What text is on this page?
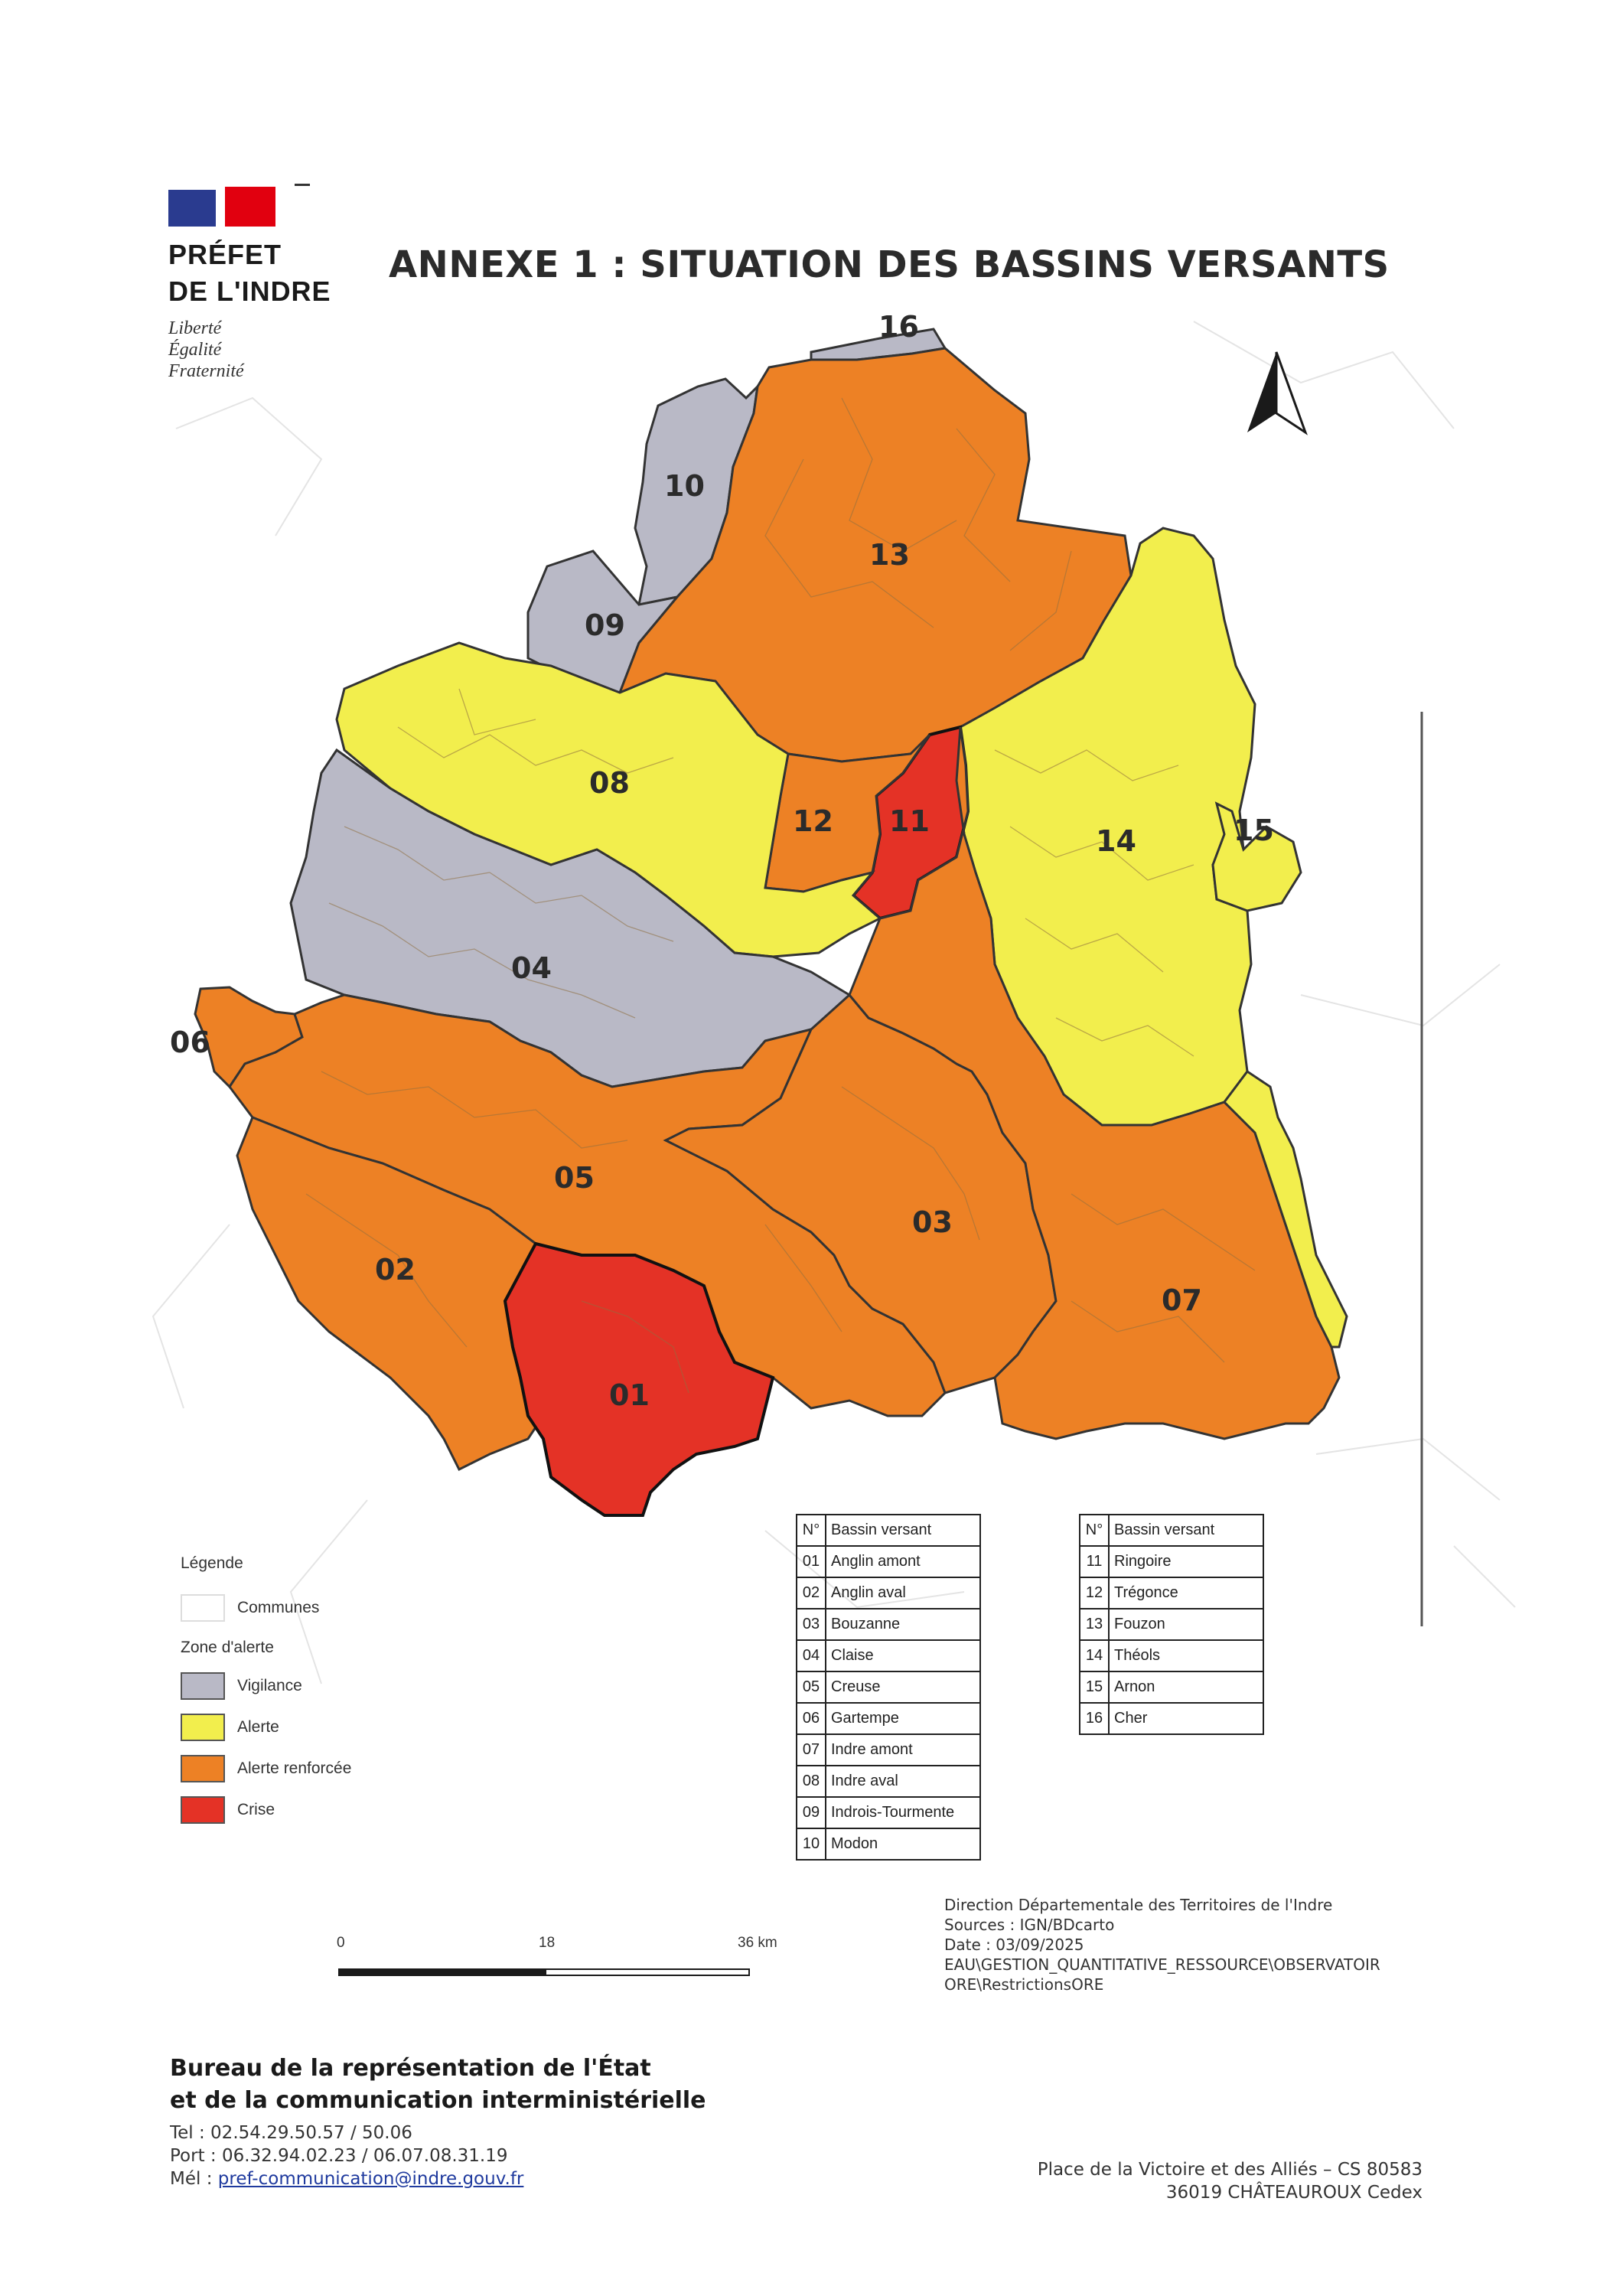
PRÉFET
DE L'INDRE
Liberté
Égalité
Fraternité
ANNEXE 1 : SITUATION DES BASSINS VERSANTS
16
10
13
09
08
12 11
14	15
04
06
05
03
02
07
01
Légende
Communes
Zone d'alerte
Vigilance
Alerte
Alerte renforcée
Crise
N°	Bassin versant
01	Anglin amont
02	Anglin aval
03	Bouzanne
04	Claise
05	Creuse
06	Gartempe
07	Indre amont
08	Indre aval
09	Indrois-Tourmente
10	Modon
N°	Bassin versant
11	Ringoire
12	Trégonce
13	Fouzon
14	Théols
15	Arnon
16	Cher
0	18	36 km
Direction Départementale des Territoires de l'Indre
Sources : IGN/BDcarto
Date : 03/09/2025
EAU\GESTION_QUANTITATIVE_RESSOURCE\OBSERVATOIR
ORE\RestrictionsORE
Bureau de la représentation de l'État
et de la communication interministérielle
Tel : 02.54.29.50.57 / 50.06
Port : 06.32.94.02.23 / 06.07.08.31.19
Mél : pref-communication@indre.gouv.fr	Place de la Victoire et des Alliés – CS 80583
36019 CHÂTEAUROUX Cedex
